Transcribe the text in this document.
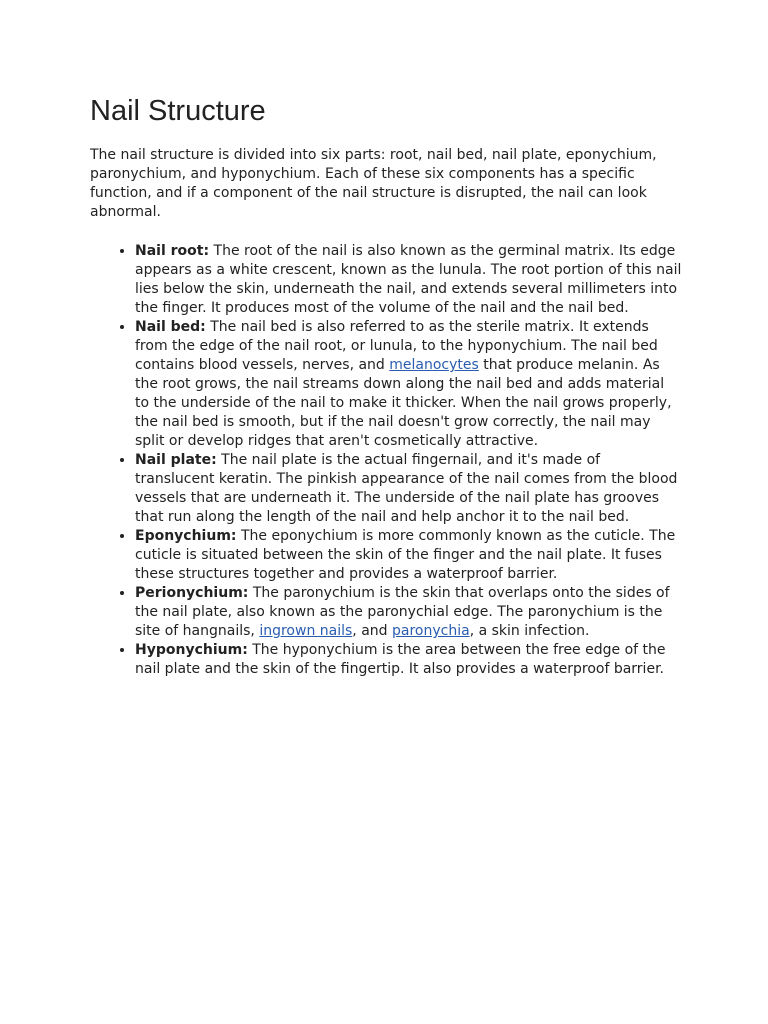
Nail Structure

The nail structure is divided into six parts: root, nail bed, nail plate, eponychium, paronychium, and hyponychium. Each of these six components has a specific function, and if a component of the nail structure is disrupted, the nail can look abnormal.

• Nail root: The root of the nail is also known as the germinal matrix. Its edge appears as a white crescent, known as the lunula. The root portion of this nail lies below the skin, underneath the nail, and extends several millimeters into the finger. It produces most of the volume of the nail and the nail bed.
• Nail bed: The nail bed is also referred to as the sterile matrix. It extends from the edge of the nail root, or lunula, to the hyponychium. The nail bed contains blood vessels, nerves, and melanocytes that produce melanin. As the root grows, the nail streams down along the nail bed and adds material to the underside of the nail to make it thicker. When the nail grows properly, the nail bed is smooth, but if the nail doesn't grow correctly, the nail may split or develop ridges that aren't cosmetically attractive.
• Nail plate: The nail plate is the actual fingernail, and it's made of translucent keratin. The pinkish appearance of the nail comes from the blood vessels that are underneath it. The underside of the nail plate has grooves that run along the length of the nail and help anchor it to the nail bed.
• Eponychium: The eponychium is more commonly known as the cuticle. The cuticle is situated between the skin of the finger and the nail plate. It fuses these structures together and provides a waterproof barrier.
• Perionychium: The paronychium is the skin that overlaps onto the sides of the nail plate, also known as the paronychial edge. The paronychium is the site of hangnails, ingrown nails, and paronychia, a skin infection.
• Hyponychium: The hyponychium is the area between the free edge of the nail plate and the skin of the fingertip. It also provides a waterproof barrier.
